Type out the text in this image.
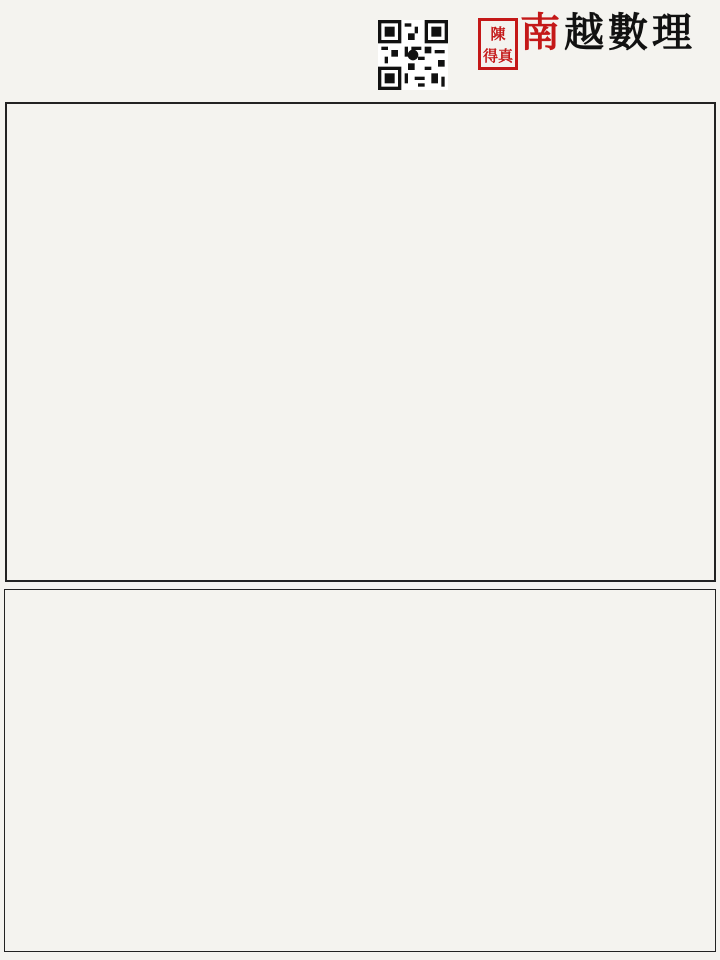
陳
得真 南越數理
